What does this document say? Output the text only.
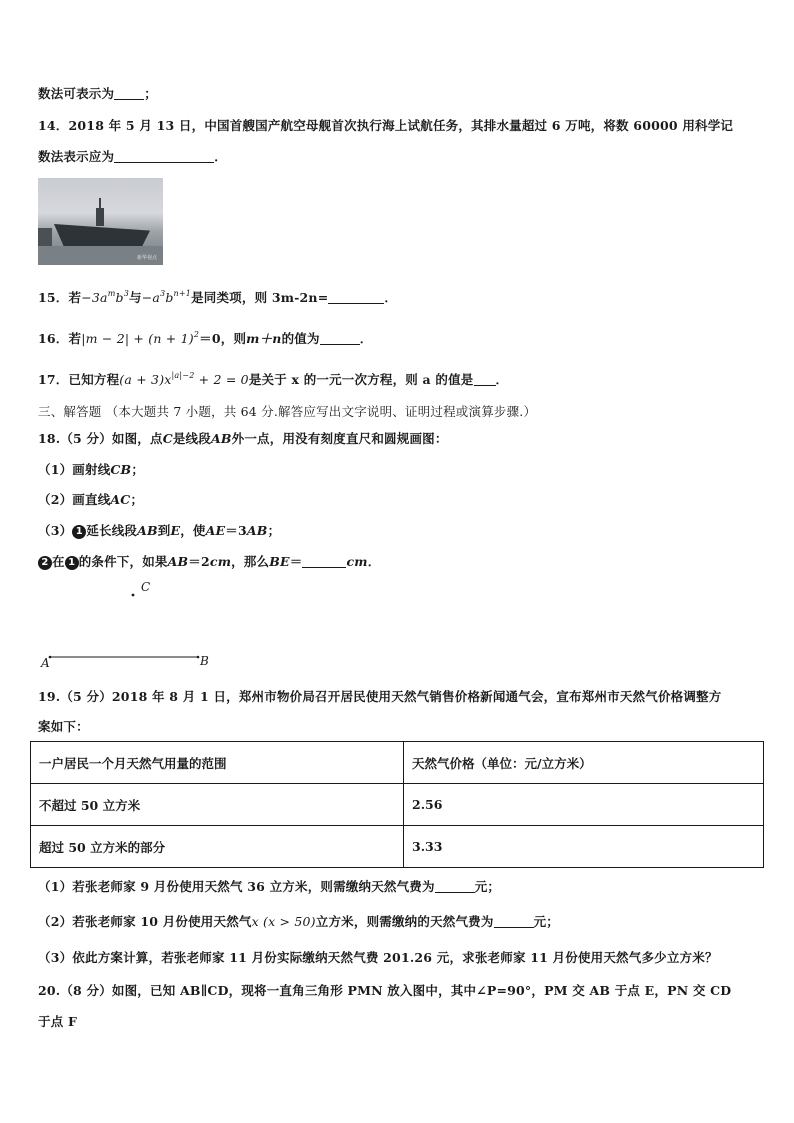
数法可表示为 ；
14．2018 年 5 月 13 日，中国首艘国产航空母舰首次执行海上试航任务，其排水量超过 6 万吨，将数 60000 用科学记
数法表示应为	．
新华视点
15．若$-3a^mb^3$与$-a^3b^{n+1}$是同类项，则 3m-2n=	．
16．若$|m - 2| + (n + 1)^2=0$，则m＋n的值为	．
17．已知方程$(a + 3)x^{|a|-2} + 2 = 0$是关于 x 的一元一次方程，则 a 的值是 ．
三、解答题 （本大题共 7 小题，共 64 分.解答应写出文字说明、证明过程或演算步骤.）
18.（5 分）如图，点C是线段AB外一点，用没有刻度直尺和圆规画图：
（1）画射线CB；
（2）画直线AC；
（3） 1 延长线段AB到E，使AE＝3AB；
2 在 1 的条件下，如果AB＝2cm，那么BE＝	cm．
C
A	B
19.（5 分）2018 年 8 月 1 日，郑州市物价局召开居民使用天然气销售价格新闻通气会，宣布郑州市天然气价格调整方
案如下：
一户居民一个月天然气用量的范围	天然气价格（单位：元/立方米）
不超过 50 立方米	2.56
超过 50 立方米的部分	3.33
（1）若张老师家 9 月份使用天然气 36 立方米，则需缴纳天然气费为	元；
（2）若张老师家 10 月份使用天然气x (x > 50)立方米，则需缴纳的天然气费为	元；
（3）依此方案计算，若张老师家 11 月份实际缴纳天然气费 201.26 元，求张老师家 11 月份使用天然气多少立方米？
20.（8 分）如图，已知 AB∥CD，现将一直角三角形 PMN 放入图中，其中∠P=90°，PM 交 AB 于点 E，PN 交 CD
于点 F
